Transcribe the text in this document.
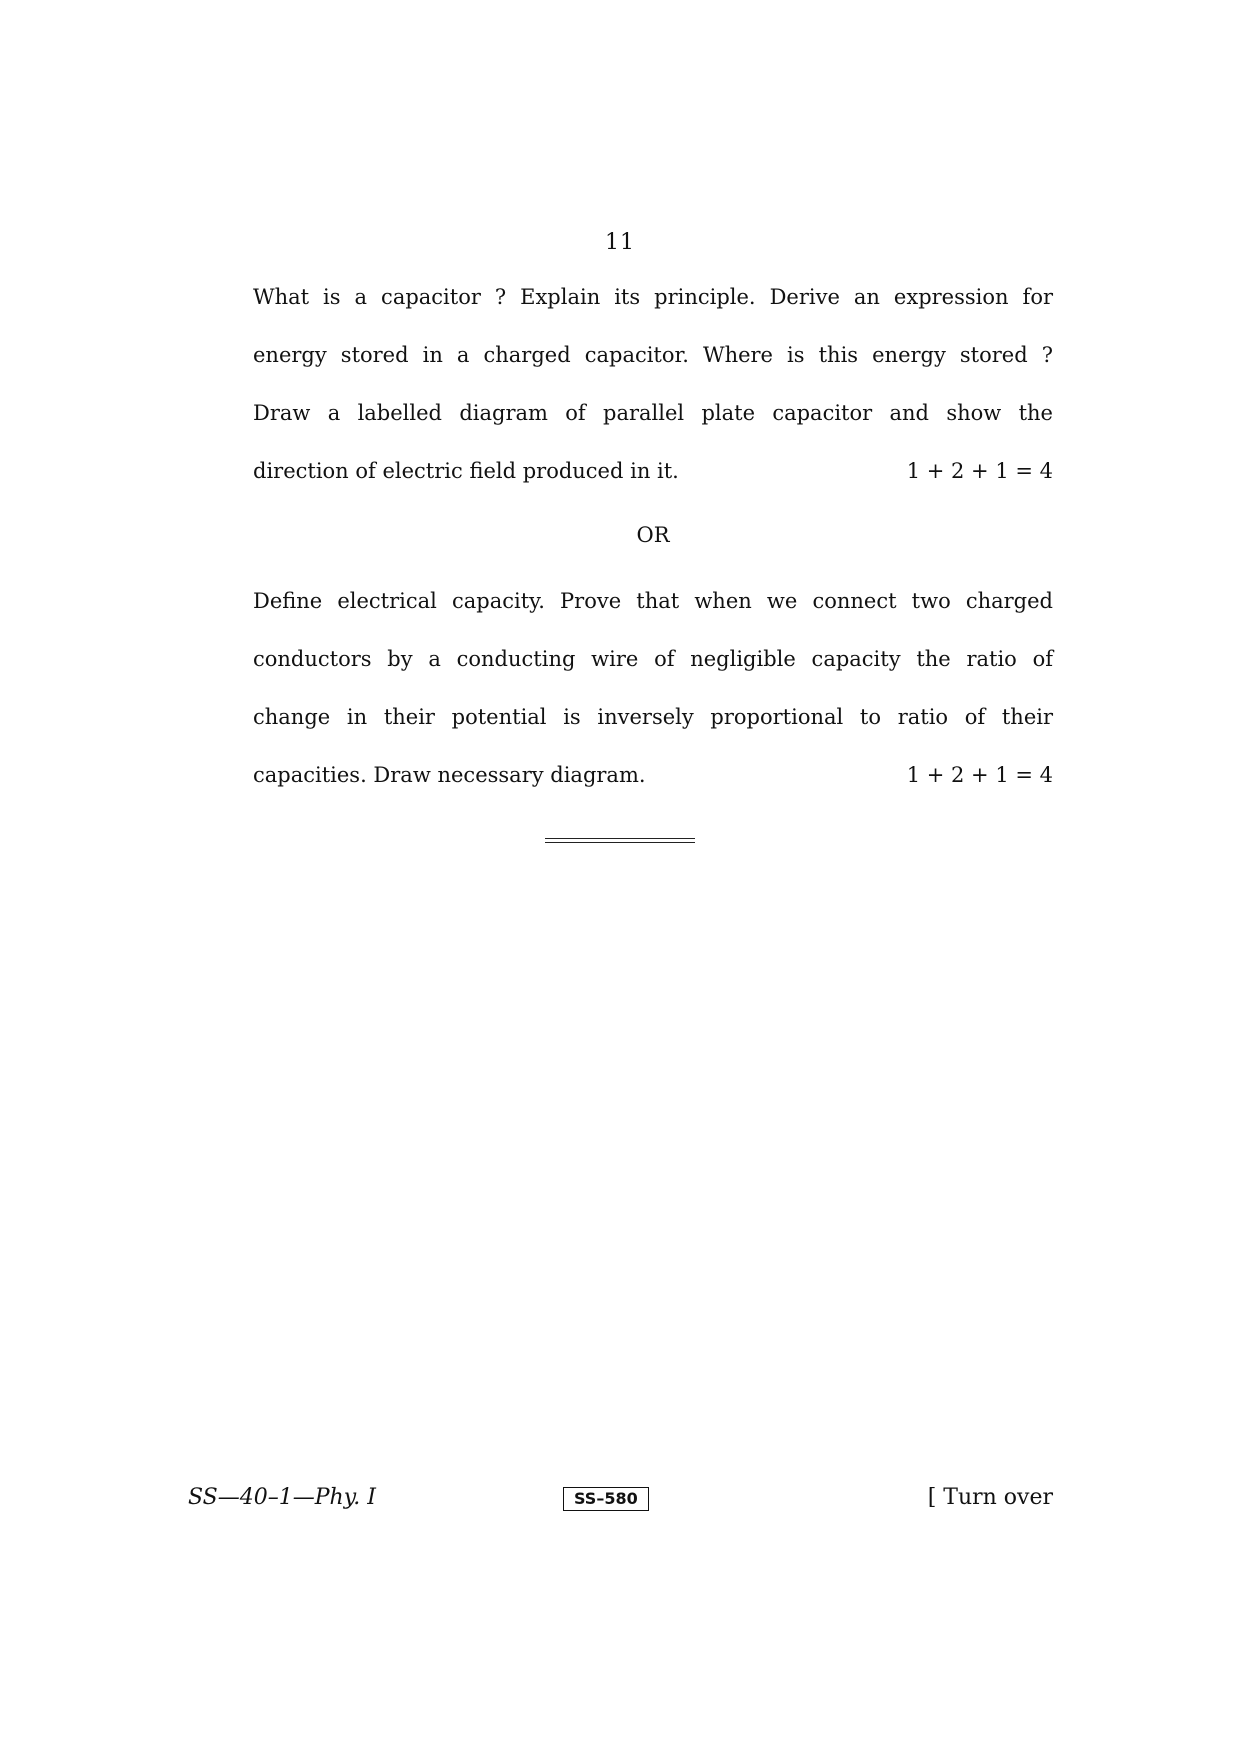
11

What is a capacitor ? Explain its principle. Derive an expression for
energy stored in a charged capacitor. Where is this energy stored ?
Draw a labelled diagram of parallel plate capacitor and show the
direction of electric field produced in it.	1 + 2 + 1 = 4

OR

Define electrical capacity. Prove that when we connect two charged
conductors by a conducting wire of negligible capacity the ratio of
change in their potential is inversely proportional to ratio of their
capacities. Draw necessary diagram.	1 + 2 + 1 = 4

SS—40–1—Phy. I	SS–580	[ Turn over
